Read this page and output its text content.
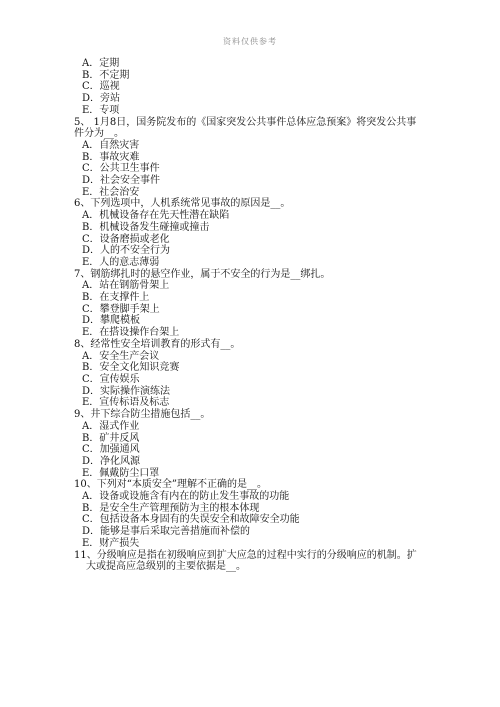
资料仅供参考
A．定期
B．不定期
C．巡视
D．旁站
E．专项
5、 1月8日，国务院发布的《国家突发公共事件总体应急预案》将突发公共事
件分为__。
A．自然灾害
B．事故灾难
C．公共卫生事件
D．社会安全事件
E．社会治安
6、下列选项中，人机系统常见事故的原因是__。
A．机械设备存在先天性潜在缺陷
B．机械设备发生碰撞或撞击
C．设备磨损或老化
D．人的不安全行为
E．人的意志薄弱
7、钢筋绑扎时的悬空作业，属于不安全的行为是__绑扎。
A．站在钢筋骨架上
B．在支撑件上
C．攀登脚手架上
D．攀爬模板
E．在搭设操作台架上
8、经常性安全培训教育的形式有__。
A．安全生产会议
B．安全文化知识竞赛
C．宣传娱乐
D．实际操作演练法
E．宣传标语及标志
9、井下综合防尘措施包括__。
A．湿式作业
B．矿井反风
C．加强通风
D．净化风源
E．佩戴防尘口罩
10、下列对“本质安全”理解不正确的是__。
A．设备或设施含有内在的防止发生事故的功能
B．是安全生产管理预防为主的根本体现
C．包括设备本身固有的失误安全和故障安全功能
D．能够是事后采取完善措施而补偿的
E．财产损失
11、分级响应是指在初级响应到扩大应急的过程中实行的分级响应的机制。扩
大或提高应急级别的主要依据是__。
